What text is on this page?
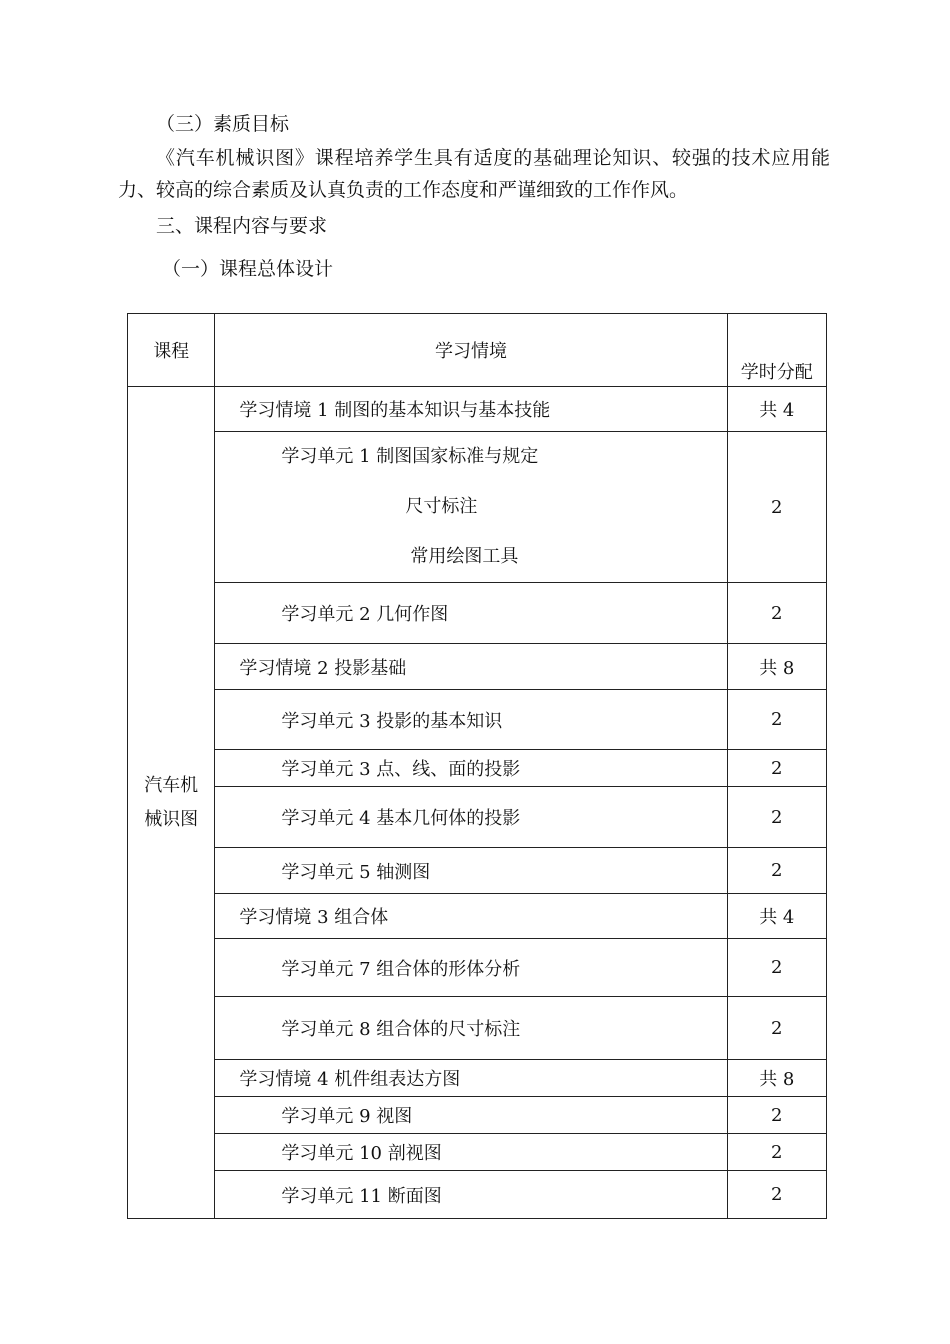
（三）素质目标
《汽车机械识图》课程培养学生具有适度的基础理论知识、较强的技术应用能力、较高的综合素质及认真负责的工作态度和严谨细致的工作作风。
三、课程内容与要求
（一）课程总体设计
课程	学习情境	学时分配

汽车机
械识图	学习情境 1 制图的基本知识与基本技能	共 4

	学习单元 1 制图国家标准与规定
尺寸标注
常用绘图工具	2
	学习单元 2 几何作图	2
	学习情境 2 投影基础	共 8
	学习单元 3 投影的基本知识	2
	学习单元 3 点、线、面的投影	2
	学习单元 4 基本几何体的投影	2
	学习单元 5 轴测图	2
	学习情境 3 组合体	共 4
	学习单元 7 组合体的形体分析	2
	学习单元 8 组合体的尺寸标注	2
	学习情境 4 机件组表达方图	共 8
	学习单元 9 视图	2
	学习单元 10 剖视图	2
	学习单元 11 断面图	2
